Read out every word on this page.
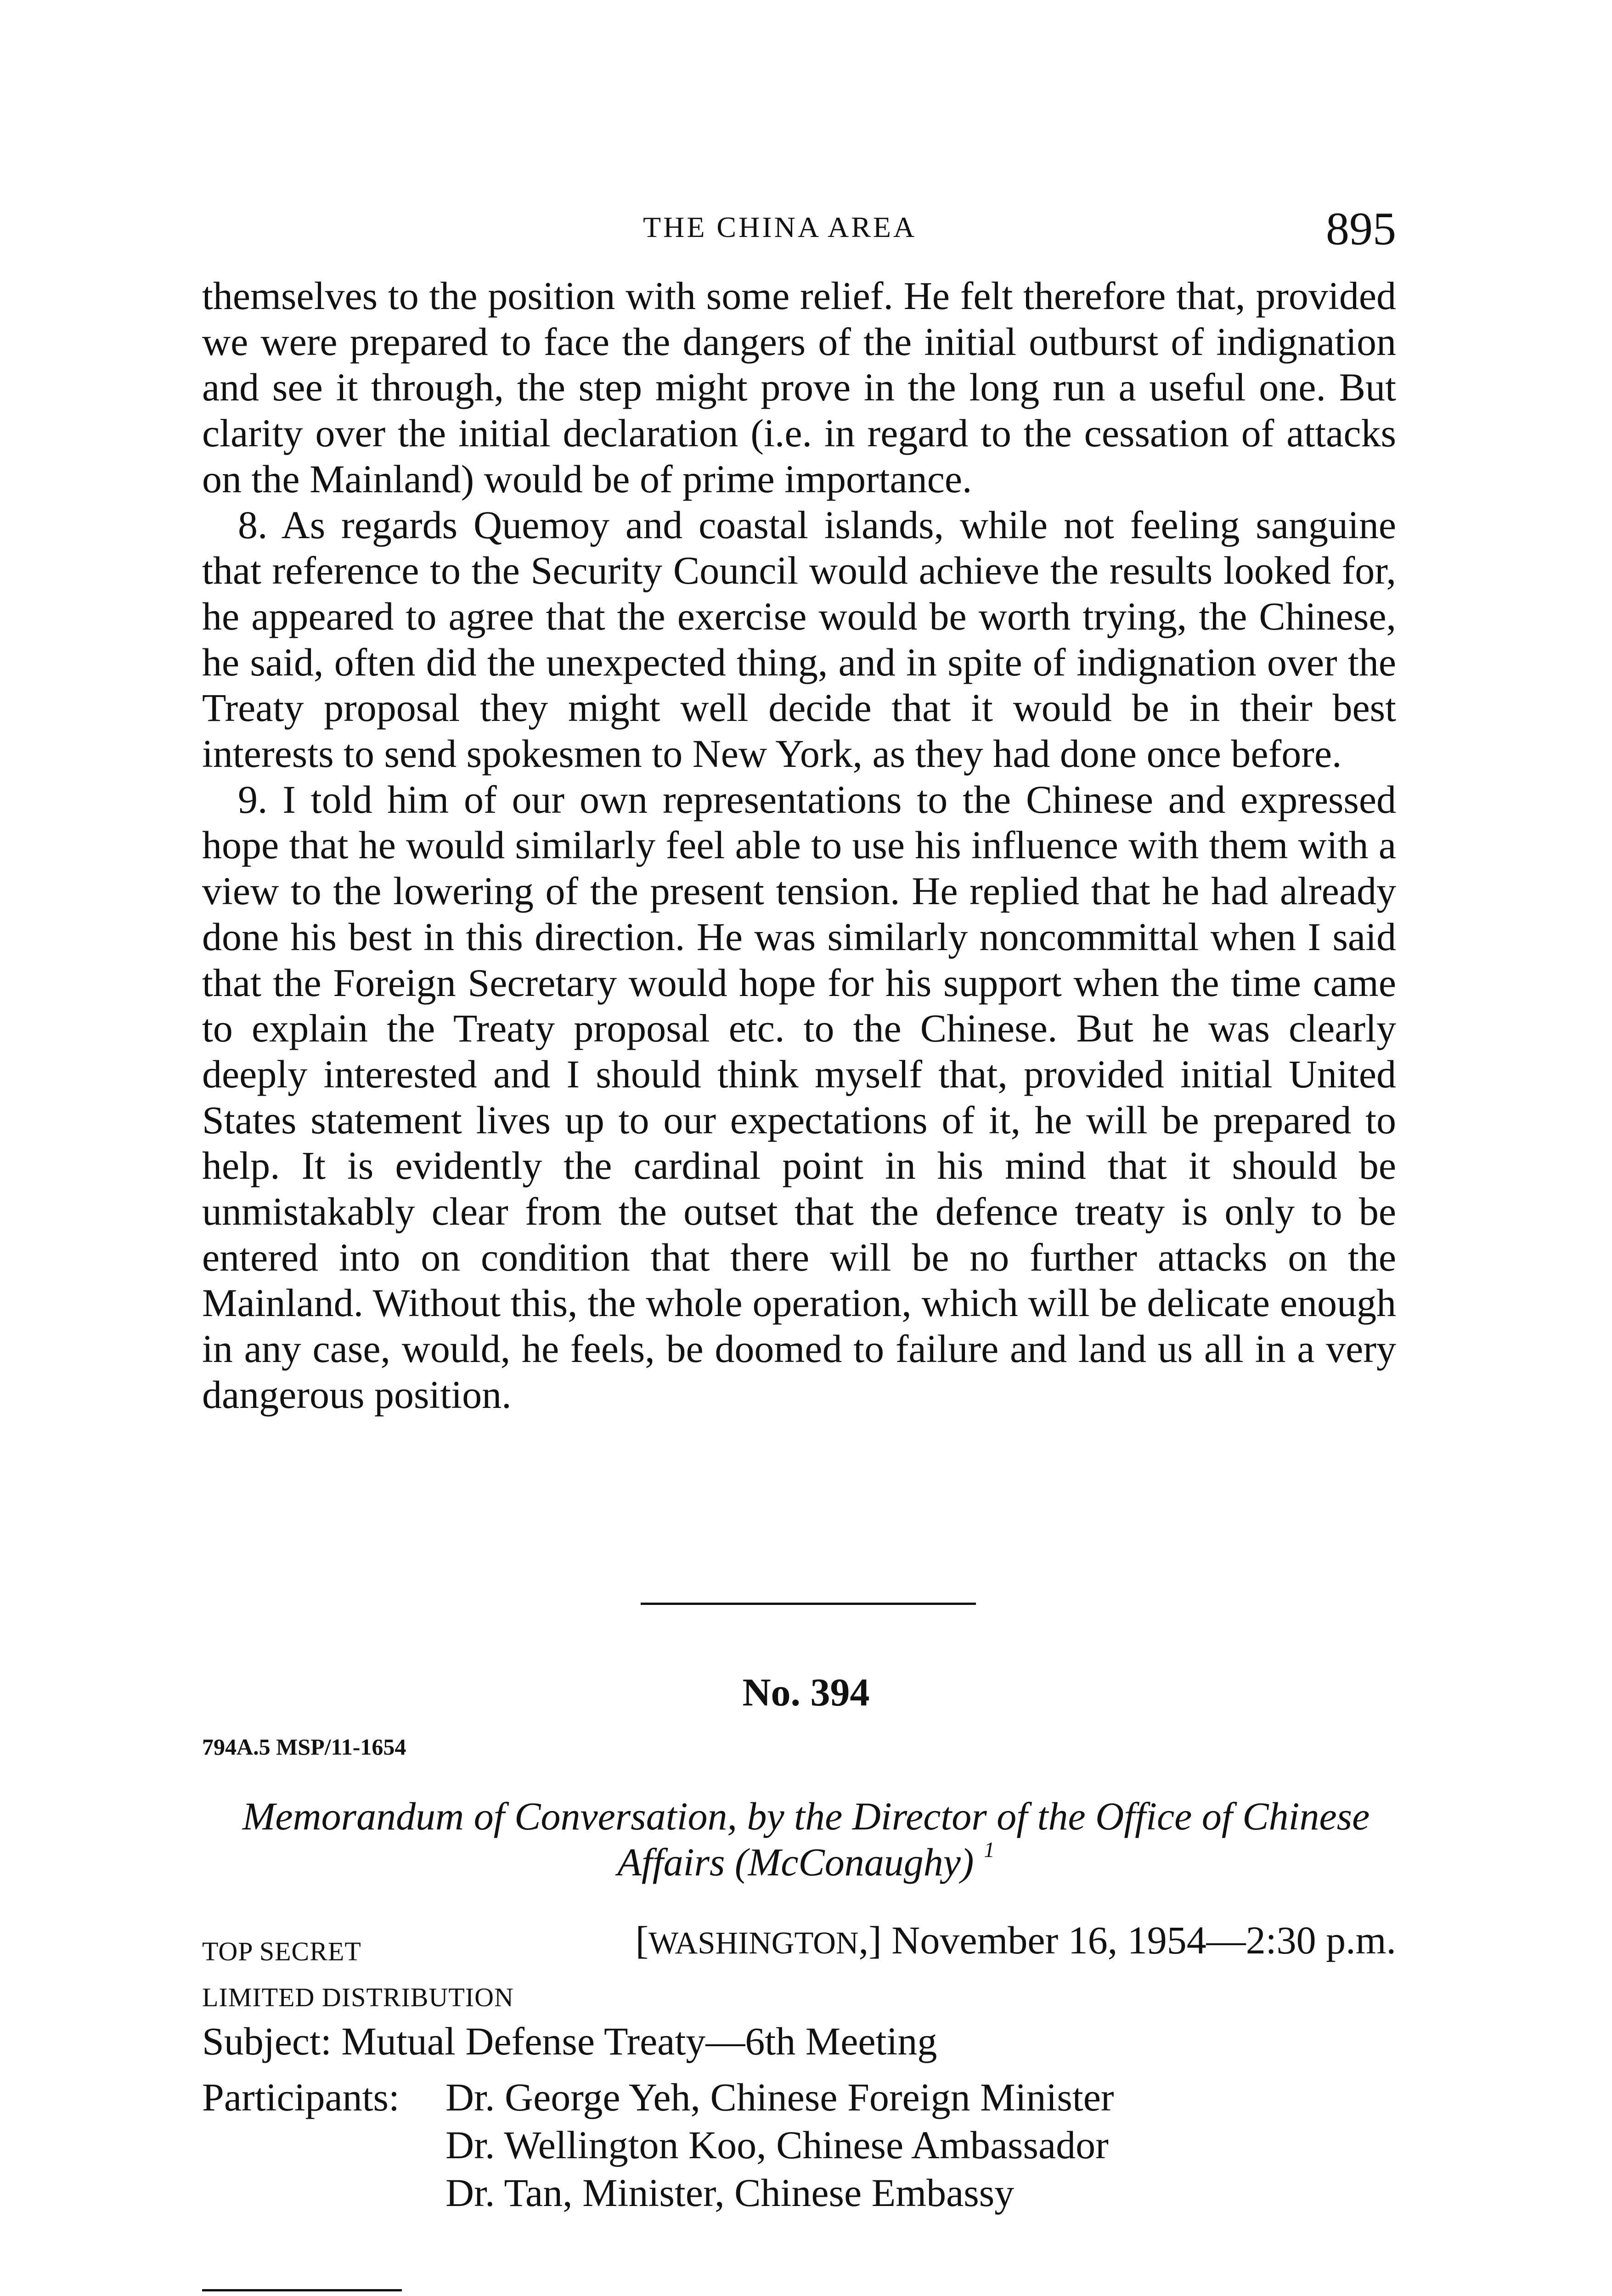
THE CHINA AREA	895

themselves to the position with some relief. He felt therefore that, provided we were prepared to face the dangers of the initial outburst of indignation and see it through, the step might prove in the long run a useful one. But clarity over the initial declaration (i.e. in regard to the cessation of attacks on the Mainland) would be of prime importance.

8. As regards Quemoy and coastal islands, while not feeling sanguine that reference to the Security Council would achieve the results looked for, he appeared to agree that the exercise would be worth trying, the Chinese, he said, often did the unexpected thing, and in spite of indignation over the Treaty proposal they might well decide that it would be in their best interests to send spokesmen to New York, as they had done once before.

9. I told him of our own representations to the Chinese and expressed hope that he would similarly feel able to use his influence with them with a view to the lowering of the present tension. He replied that he had already done his best in this direction. He was similarly noncommittal when I said that the Foreign Secretary would hope for his support when the time came to explain the Treaty proposal etc. to the Chinese. But he was clearly deeply interested and I should think myself that, provided initial United States statement lives up to our expectations of it, he will be prepared to help. It is evidently the cardinal point in his mind that it should be unmistakably clear from the outset that the defence treaty is only to be entered into on condition that there will be no further attacks on the Mainland. Without this, the whole operation, which will be delicate enough in any case, would, he feels, be doomed to failure and land us all in a very dangerous position.

No. 394
794A.5 MSP/11-1654
Memorandum of Conversation, by the Director of the Office of Chinese Affairs (McConaughy) $^1$
TOP SECRET
LIMITED DISTRIBUTION
[WASHINGTON,] November 16, 1954—2:30 p.m.
Subject: Mutual Defense Treaty—6th Meeting
Participants: Dr. George Yeh, Chinese Foreign Minister
Dr. Wellington Koo, Chinese Ambassador
Dr. Tan, Minister, Chinese Embassy
